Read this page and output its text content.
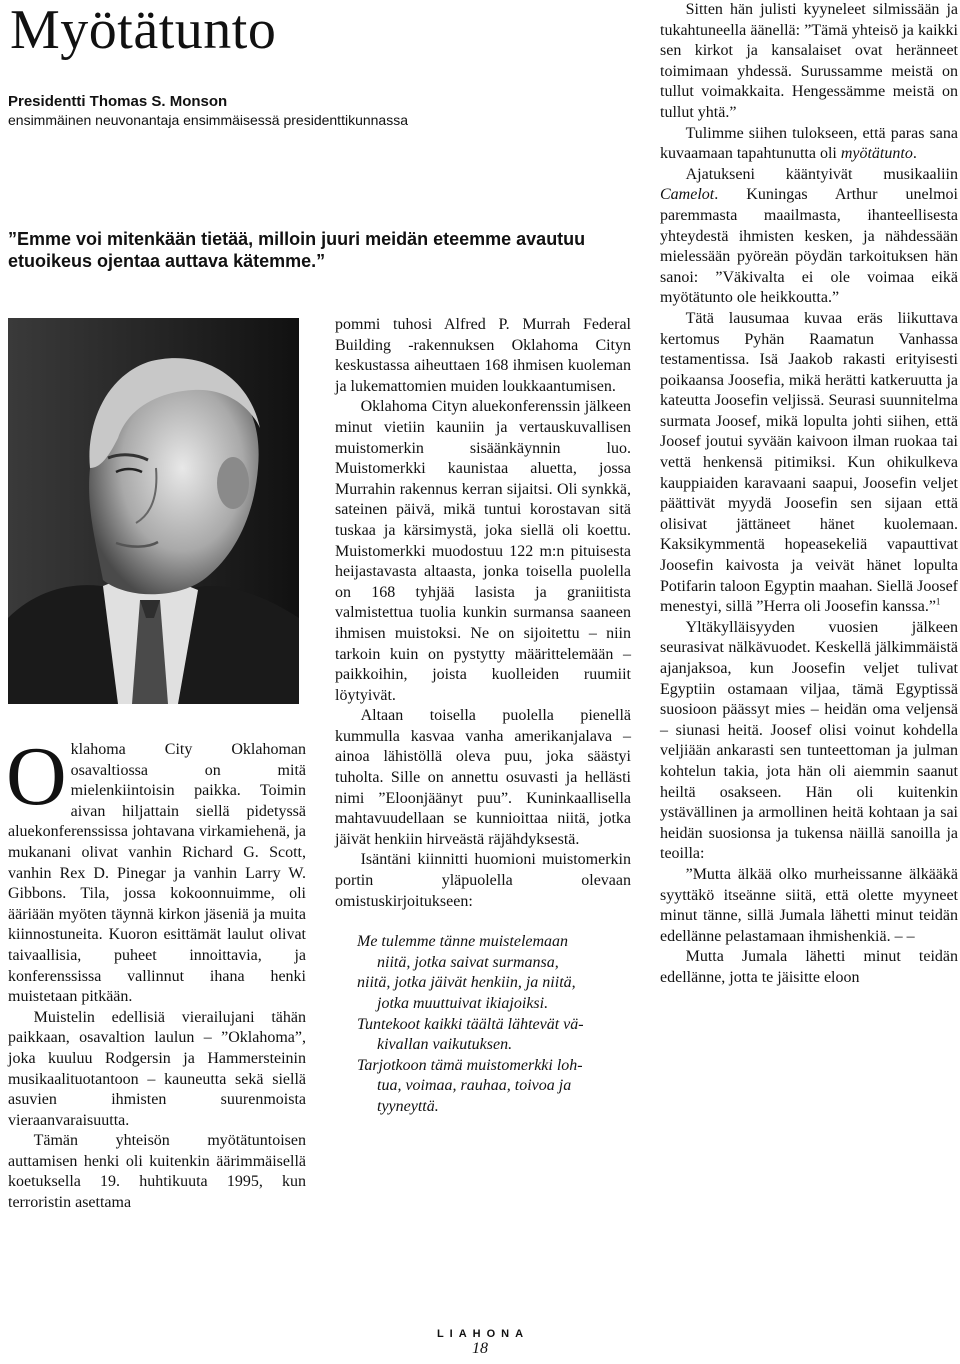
Myötätunto
Presidentti Thomas S. Monson
ensimmäinen neuvonantaja ensimmäisessä presidenttikunnassa

”Emme voi mitenkään tietää, milloin juuri meidän eteemme avautuu etuoikeus ojentaa auttava kätemme.”

Oklahoma City Oklahoman osavaltiossa on mitä mielenkiintoisin paikka. Toimin aivan hiljattain siellä pidetyssä aluekonferenssissa johtavana virkamiehenä, ja mukanani olivat vanhin Richard G. Scott, vanhin Rex D. Pinegar ja vanhin Larry W. Gibbons. Tila, jossa kokoonnuimme, oli ääriään myöten täynnä kirkon jäseniä ja muita kiinnostuneita. Kuoron esittämät laulut olivat taivaallisia, puheet innoittavia, ja konferenssissa vallinnut ihana henki muistetaan pitkään.

Muistelin edellisiä vierailujani tähän paikkaan, osavaltion laulun – ”Oklahoma”, joka kuuluu Rodgersin ja Hammersteinin musikaalituotantoon – kauneutta sekä siellä asuvien ihmisten suurenmoista vieraanvaraisuutta.

Tämän yhteisön myötätuntoisen auttamisen henki oli kuitenkin äärimmäisellä koetuksella 19. huhtikuuta 1995, kun terroristin asettama

pommi tuhosi Alfred P. Murrah Federal Building -rakennuksen Oklahoma Cityn keskustassa aiheuttaen 168 ihmisen kuoleman ja lukemattomien muiden loukkaantumisen.

Oklahoma Cityn aluekonferenssin jälkeen minut vietiin kauniin ja vertauskuvallisen muistomerkin sisäänkäynnin luo. Muistomerkki kaunistaa aluetta, jossa Murrahin rakennus kerran sijaitsi. Oli synkkä, sateinen päivä, mikä tuntui korostavan sitä tuskaa ja kärsimystä, joka siellä oli koettu. Muistomerkki muodostuu 122 m:n pituisesta heijastavasta altaasta, jonka toisella puolella on 168 tyhjää lasista ja graniitista valmistettua tuolia kunkin surmansa saaneen ihmisen muistoksi. Ne on sijoitettu – niin tarkoin kuin on pystytty määrittelemään – paikkoihin, joista kuolleiden ruumiit löytyivät.

Altaan toisella puolella pienellä kummulla kasvaa vanha amerikanjalava – ainoa lähistöllä oleva puu, joka säästyi tuholta. Sille on annettu osuvasti ja hellästi nimi ”Eloonjäänyt puu”. Kuninkaallisella mahtavuudellaan se kunnioittaa niitä, jotka jäivät henkiin hirveästä räjähdyksestä.

Isäntäni kiinnitti huomioni muistomerkin portin yläpuolella olevaan omistuskirjoitukseen:

Me tulemme tänne muistelemaan
niitä, jotka saivat surmansa,
niitä, jotka jäivät henkiin, ja niitä,
jotka muuttuivat ikiajoiksi.
Tuntekoot kaikki täältä lähtevät vä-
kivallan vaikutuksen.
Tarjotkoon tämä muistomerkki loh-
tua, voimaa, rauhaa, toivoa ja
tyyneyttä.

Sitten hän julisti kyyneleet silmissään ja tukahtuneella äänellä: ”Tämä yhteisö ja kaikki sen kirkot ja kansalaiset ovat heränneet toimimaan yhdessä. Surussamme meistä on tullut voimakkaita. Hengessämme meistä on tullut yhtä.”

Tulimme siihen tulokseen, että paras sana kuvaamaan tapahtunutta oli myötätunto.

Ajatukseni kääntyivät musikaaliin Camelot. Kuningas Arthur unelmoi paremmasta maailmasta, ihanteellisesta yhteydestä ihmisten kesken, ja nähdessään mielessään pyöreän pöydän tarkoituksen hän sanoi: ”Väkivalta ei ole voimaa eikä myötätunto ole heikkoutta.”

Tätä lausumaa kuvaa eräs liikuttava kertomus Pyhän Raamatun Vanhassa testamentissa. Isä Jaakob rakasti erityisesti poikaansa Joosefia, mikä herätti katkeruutta ja kateutta Joosefin veljissä. Seurasi suunnitelma surmata Joosef, mikä lopulta johti siihen, että Joosef joutui syvään kaivoon ilman ruokaa tai vettä henkensä pitimiksi. Kun ohikulkeva kauppiaiden karavaani saapui, Joosefin veljet päättivät myydä Joosefin sen sijaan että olisivat jättäneet hänet kuolemaan. Kaksikymmentä hopeasekeliä vapauttivat Joosefin kaivosta ja veivät hänet lopulta Potifarin taloon Egyptin maahan. Siellä Joosef menestyi, sillä ”Herra oli Joosefin kanssa.”$^1$

Yltäkylläisyyden vuosien jälkeen seurasivat nälkävuodet. Keskellä jälkimmäistä ajanjaksoa, kun Joosefin veljet tulivat Egyptiin ostamaan viljaa, tämä Egyptissä suosioon päässyt mies – heidän oma veljensä – siunasi heitä. Joosef olisi voinut kohdella veljiään ankarasti sen tunteettoman ja julman kohtelun takia, jota hän oli aiemmin saanut heiltä osakseen. Hän oli kuitenkin ystävällinen ja armollinen heitä kohtaan ja sai heidän suosionsa ja tukensa näillä sanoilla ja teoilla:

”Mutta älkää olko murheissanne älkääkä syyttäkö itseänne siitä, että olette myyneet minut tänne, sillä Jumala lähetti minut teidän edellänne pelastamaan ihmishenkiä. – –

Mutta Jumala lähetti minut teidän edellänne, jotta te jäisitte eloon

LIAHONA
18
